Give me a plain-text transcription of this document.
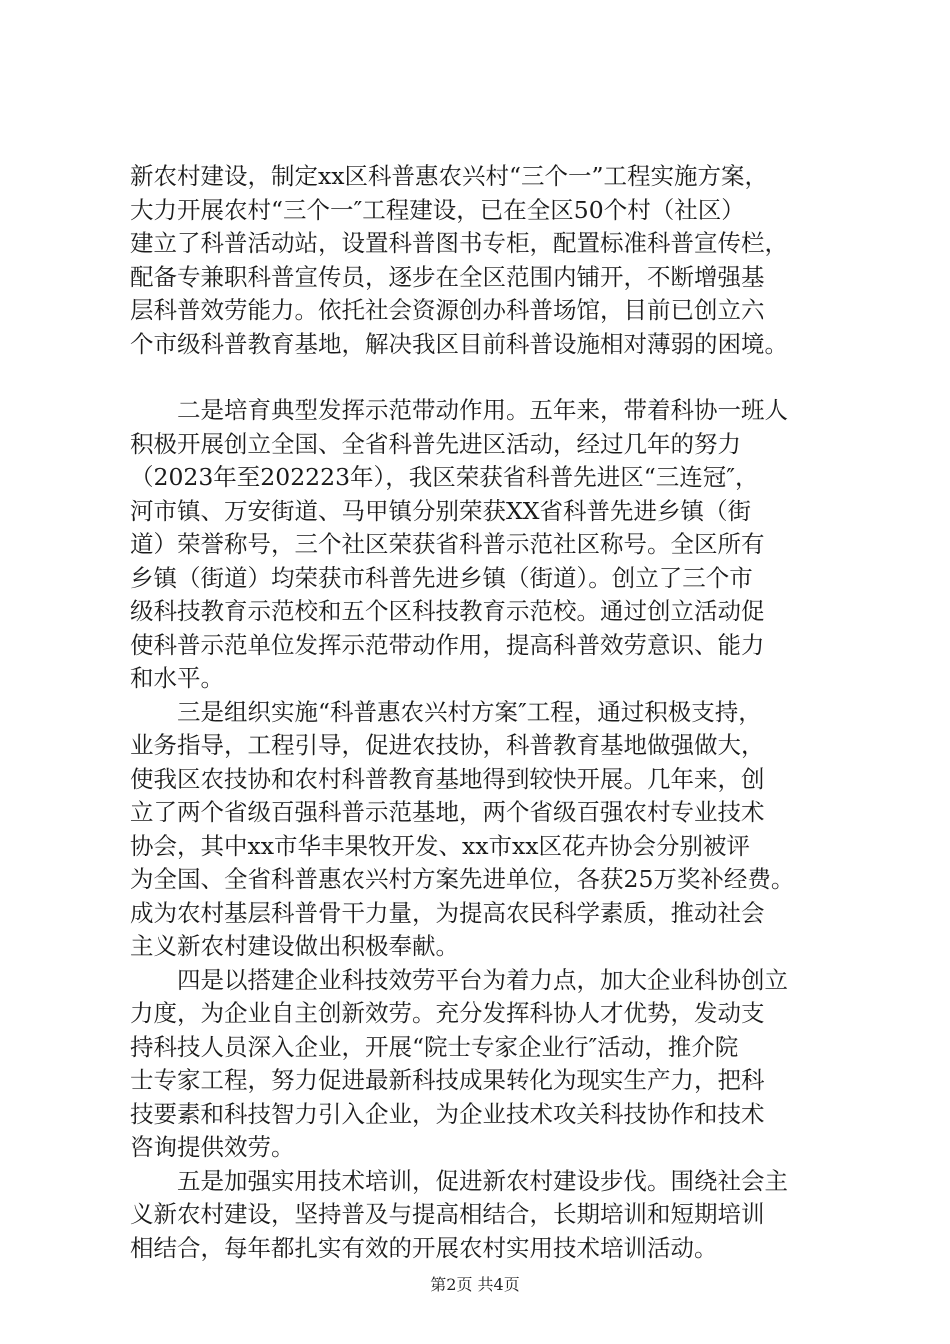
新农村建设，制定xx区科普惠农兴村“三个一”工程实施方案，
大力开展农村“三个一″工程建设，已在全区50个村（社区）
建立了科普活动站，设置科普图书专柜，配置标准科普宣传栏，
配备专兼职科普宣传员，逐步在全区范围内铺开，不断增强基
层科普效劳能力。依托社会资源创办科普场馆，目前已创立六
个市级科普教育基地，解决我区目前科普设施相对薄弱的困境。
二是培育典型发挥示范带动作用。五年来，带着科协一班人
积极开展创立全国、全省科普先进区活动，经过几年的努力
（2023年至202223年），我区荣获省科普先进区“三连冠″，
河市镇、万安街道、马甲镇分别荣获XX省科普先进乡镇（街
道）荣誉称号，三个社区荣获省科普示范社区称号。全区所有
乡镇（街道）均荣获市科普先进乡镇（街道）。创立了三个市
级科技教育示范校和五个区科技教育示范校。通过创立活动促
使科普示范单位发挥示范带动作用，提高科普效劳意识、能力
和水平。
三是组织实施“科普惠农兴村方案″工程，通过积极支持，
业务指导，工程引导，促进农技协，科普教育基地做强做大，
使我区农技协和农村科普教育基地得到较快开展。几年来，创
立了两个省级百强科普示范基地，两个省级百强农村专业技术
协会，其中xx市华丰果牧开发、xx市xx区花卉协会分别被评
为全国、全省科普惠农兴村方案先进单位，各获25万奖补经费。
成为农村基层科普骨干力量，为提高农民科学素质，推动社会
主义新农村建设做出积极奉献。
四是以搭建企业科技效劳平台为着力点，加大企业科协创立
力度，为企业自主创新效劳。充分发挥科协人才优势，发动支
持科技人员深入企业，开展“院士专家企业行″活动，推介院
士专家工程，努力促进最新科技成果转化为现实生产力，把科
技要素和科技智力引入企业，为企业技术攻关科技协作和技术
咨询提供效劳。
五是加强实用技术培训，促进新农村建设步伐。围绕社会主
义新农村建设，坚持普及与提高相结合，长期培训和短期培训
相结合，每年都扎实有效的开展农村实用技术培训活动。
第2页 共4页
